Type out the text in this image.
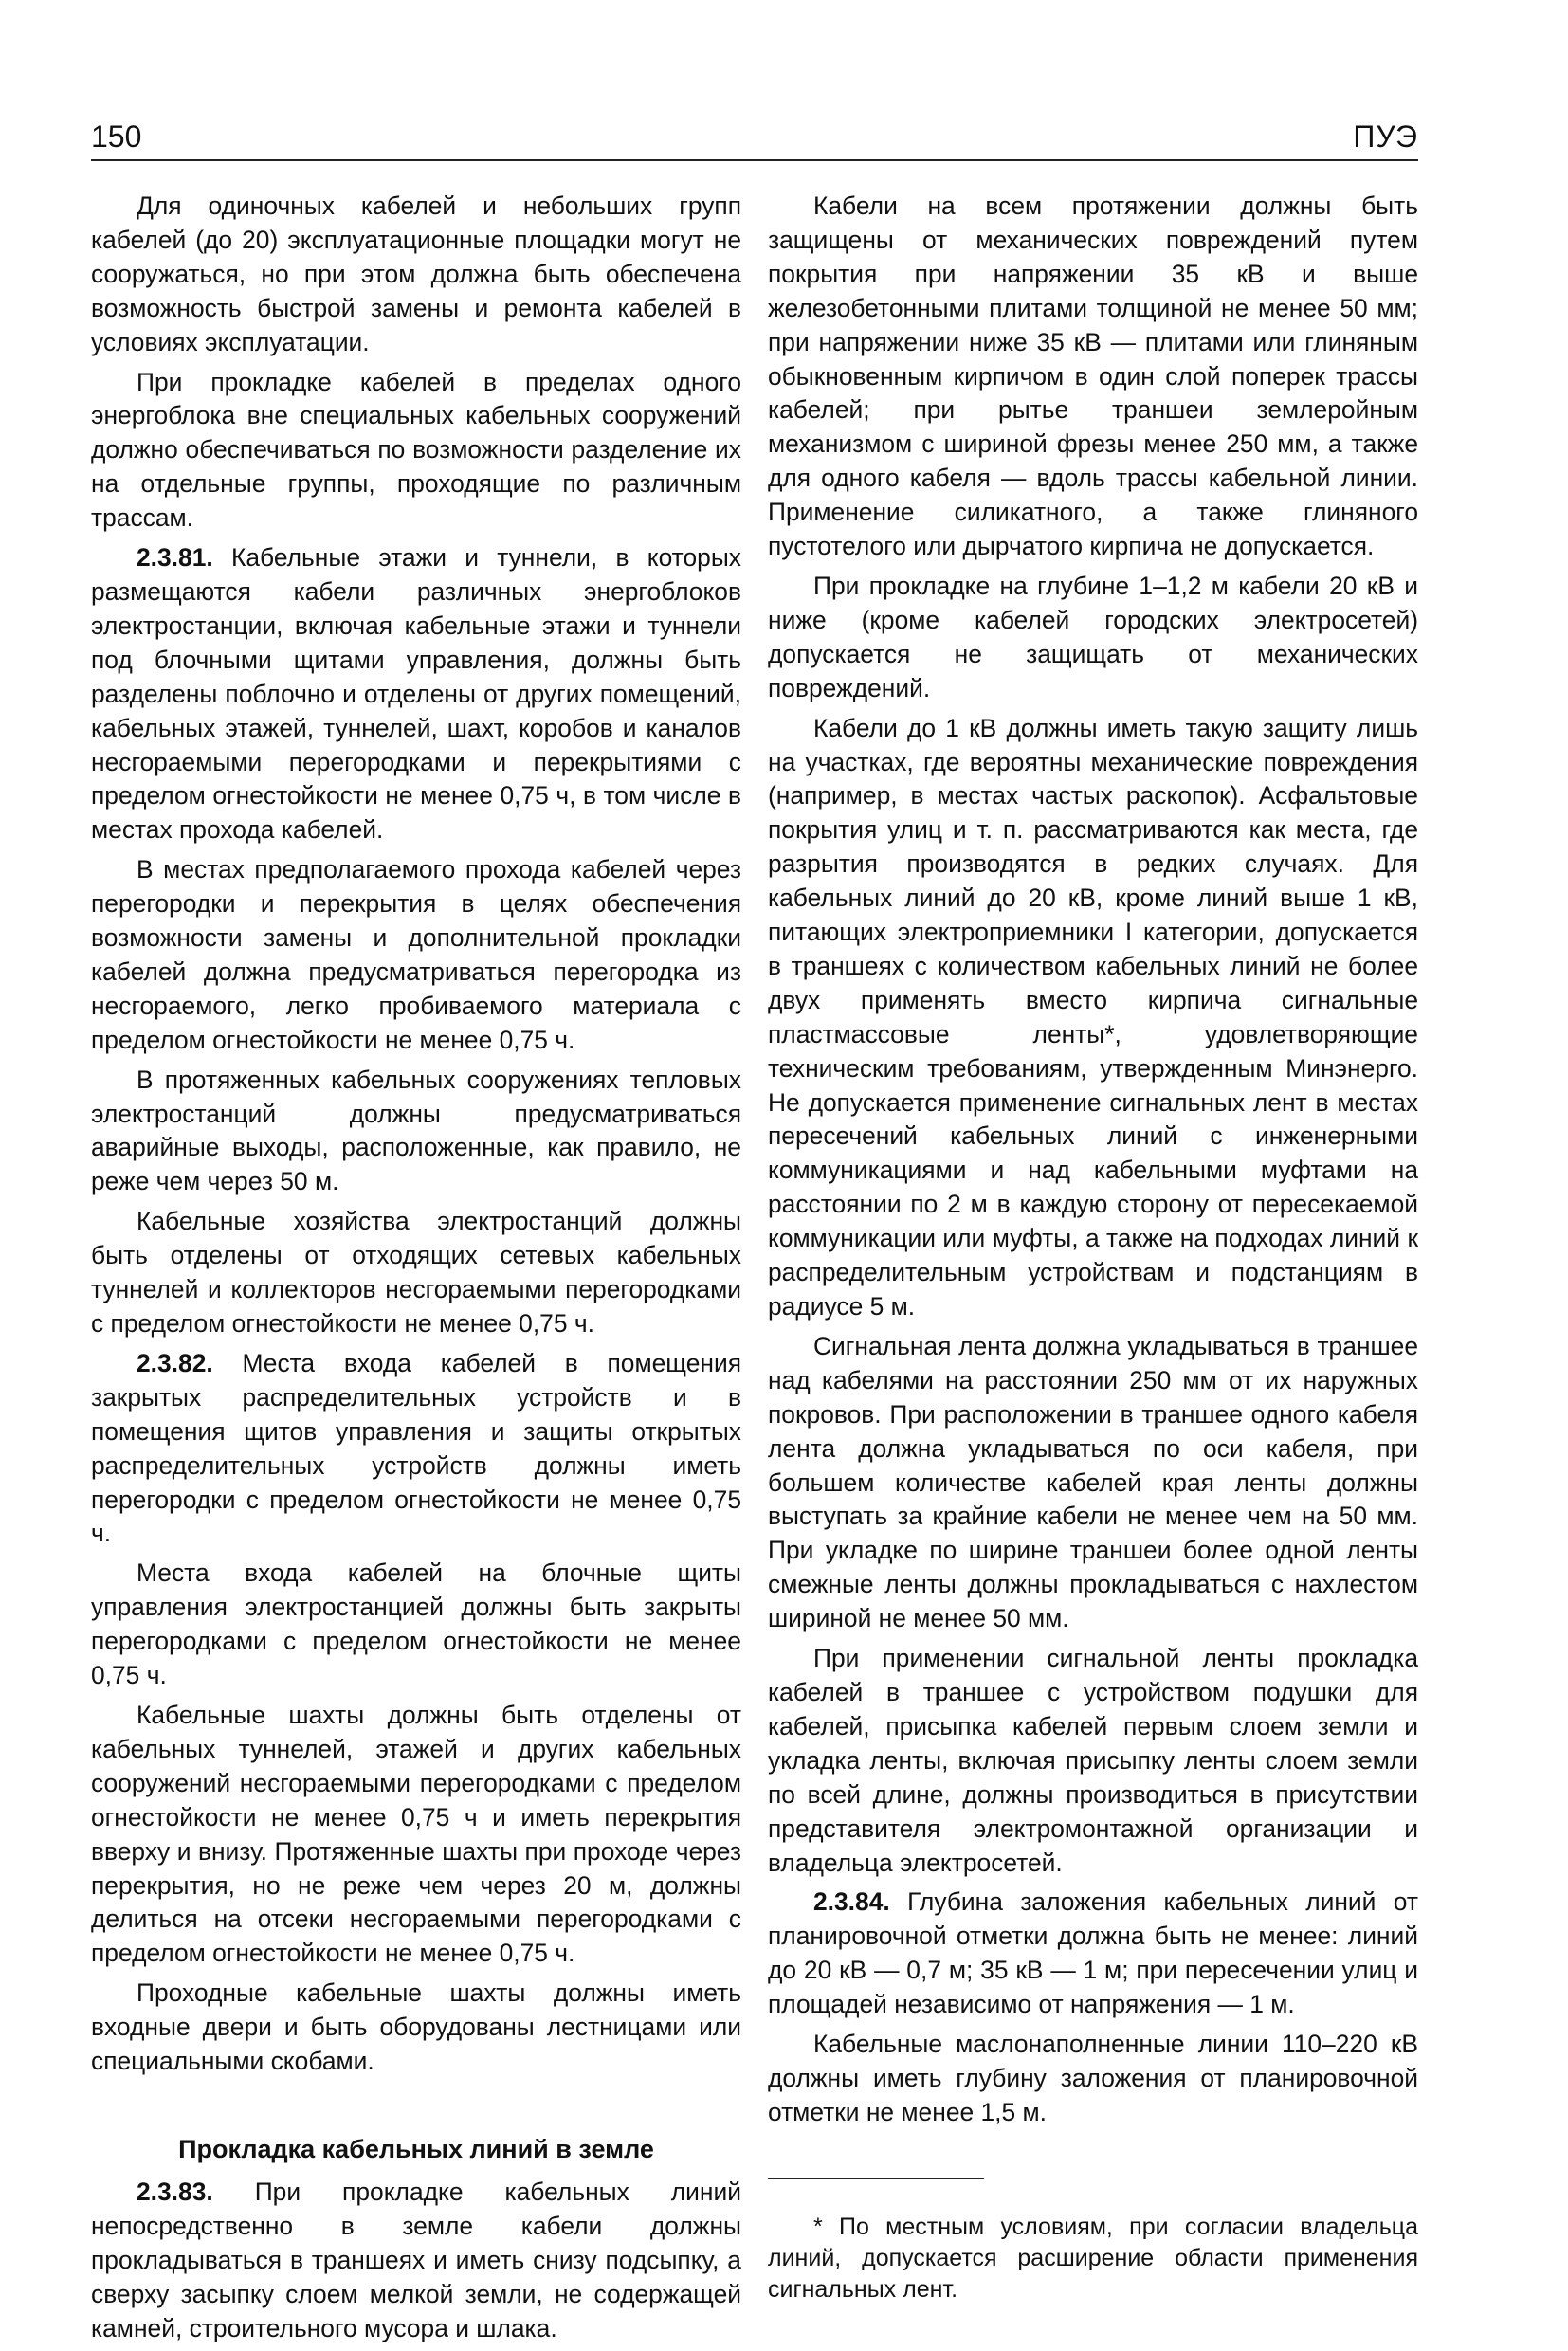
150	ПУЭ

Для одиночных кабелей и небольших групп кабелей (до 20) эксплуатационные площадки могут не сооружаться, но при этом должна быть обеспечена возможность быстрой замены и ремонта кабелей в условиях эксплуатации.

При прокладке кабелей в пределах одного энергоблока вне специальных кабельных сооружений должно обеспечиваться по возможности разделение их на отдельные группы, проходящие по различным трассам.

2.3.81. Кабельные этажи и туннели, в которых размещаются кабели различных энергоблоков электростанции, включая кабельные этажи и туннели под блочными щитами управления, должны быть разделены поблочно и отделены от других помещений, кабельных этажей, туннелей, шахт, коробов и каналов несгораемыми перегородками и перекрытиями с пределом огнестойкости не менее 0,75 ч, в том числе в местах прохода кабелей.

В местах предполагаемого прохода кабелей через перегородки и перекрытия в целях обеспечения возможности замены и дополнительной прокладки кабелей должна предусматриваться перегородка из несгораемого, легко пробиваемого материала с пределом огнестойкости не менее 0,75 ч.

В протяженных кабельных сооружениях тепловых электростанций должны предусматриваться аварийные выходы, расположенные, как правило, не реже чем через 50 м.

Кабельные хозяйства электростанций должны быть отделены от отходящих сетевых кабельных туннелей и коллекторов несгораемыми перегородками с пределом огнестойкости не менее 0,75 ч.

2.3.82. Места входа кабелей в помещения закрытых распределительных устройств и в помещения щитов управления и защиты открытых распределительных устройств должны иметь перегородки с пределом огнестойкости не менее 0,75 ч.

Места входа кабелей на блочные щиты управления электростанцией должны быть закрыты перегородками с пределом огнестойкости не менее 0,75 ч.

Кабельные шахты должны быть отделены от кабельных туннелей, этажей и других кабельных сооружений несгораемыми перегородками с пределом огнестойкости не менее 0,75 ч и иметь перекрытия вверху и внизу. Протяженные шахты при проходе через перекрытия, но не реже чем через 20 м, должны делиться на отсеки несгораемыми перегородками с пределом огнестойкости не менее 0,75 ч.

Проходные кабельные шахты должны иметь входные двери и быть оборудованы лестницами или специальными скобами.

Прокладка кабельных линий в земле

2.3.83. При прокладке кабельных линий непосредственно в земле кабели должны прокладываться в траншеях и иметь снизу подсыпку, а сверху засыпку слоем мелкой земли, не содержащей камней, строительного мусора и шлака.

Кабели на всем протяжении должны быть защищены от механических повреждений путем покрытия при напряжении 35 кВ и выше железобетонными плитами толщиной не менее 50 мм; при напряжении ниже 35 кВ — плитами или глиняным обыкновенным кирпичом в один слой поперек трассы кабелей; при рытье траншеи землеройным механизмом с шириной фрезы менее 250 мм, а также для одного кабеля — вдоль трассы кабельной линии. Применение силикатного, а также глиняного пустотелого или дырчатого кирпича не допускается.

При прокладке на глубине 1–1,2 м кабели 20 кВ и ниже (кроме кабелей городских электросетей) допускается не защищать от механических повреждений.

Кабели до 1 кВ должны иметь такую защиту лишь на участках, где вероятны механические повреждения (например, в местах частых раскопок). Асфальтовые покрытия улиц и т. п. рассматриваются как места, где разрытия производятся в редких случаях. Для кабельных линий до 20 кВ, кроме линий выше 1 кВ, питающих электроприемники I категории, допускается в траншеях с количеством кабельных линий не более двух применять вместо кирпича сигнальные пластмассовые ленты*, удовлетворяющие техническим требованиям, утвержденным Минэнерго. Не допускается применение сигнальных лент в местах пересечений кабельных линий с инженерными коммуникациями и над кабельными муфтами на расстоянии по 2 м в каждую сторону от пересекаемой коммуникации или муфты, а также на подходах линий к распределительным устройствам и подстанциям в радиусе 5 м.

Сигнальная лента должна укладываться в траншее над кабелями на расстоянии 250 мм от их наружных покровов. При расположении в траншее одного кабеля лента должна укладываться по оси кабеля, при большем количестве кабелей края ленты должны выступать за крайние кабели не менее чем на 50 мм. При укладке по ширине траншеи более одной ленты смежные ленты должны прокладываться с нахлестом шириной не менее 50 мм.

При применении сигнальной ленты прокладка кабелей в траншее с устройством подушки для кабелей, присыпка кабелей первым слоем земли и укладка ленты, включая присыпку ленты слоем земли по всей длине, должны производиться в присутствии представителя электромонтажной организации и владельца электросетей.

2.3.84. Глубина заложения кабельных линий от планировочной отметки должна быть не менее: линий до 20 кВ — 0,7 м; 35 кВ — 1 м; при пересечении улиц и площадей независимо от напряжения — 1 м.

Кабельные маслонаполненные линии 110–220 кВ должны иметь глубину заложения от планировочной отметки не менее 1,5 м.

* По местным условиям, при согласии владельца линий, допускается расширение области применения сигнальных лент.
